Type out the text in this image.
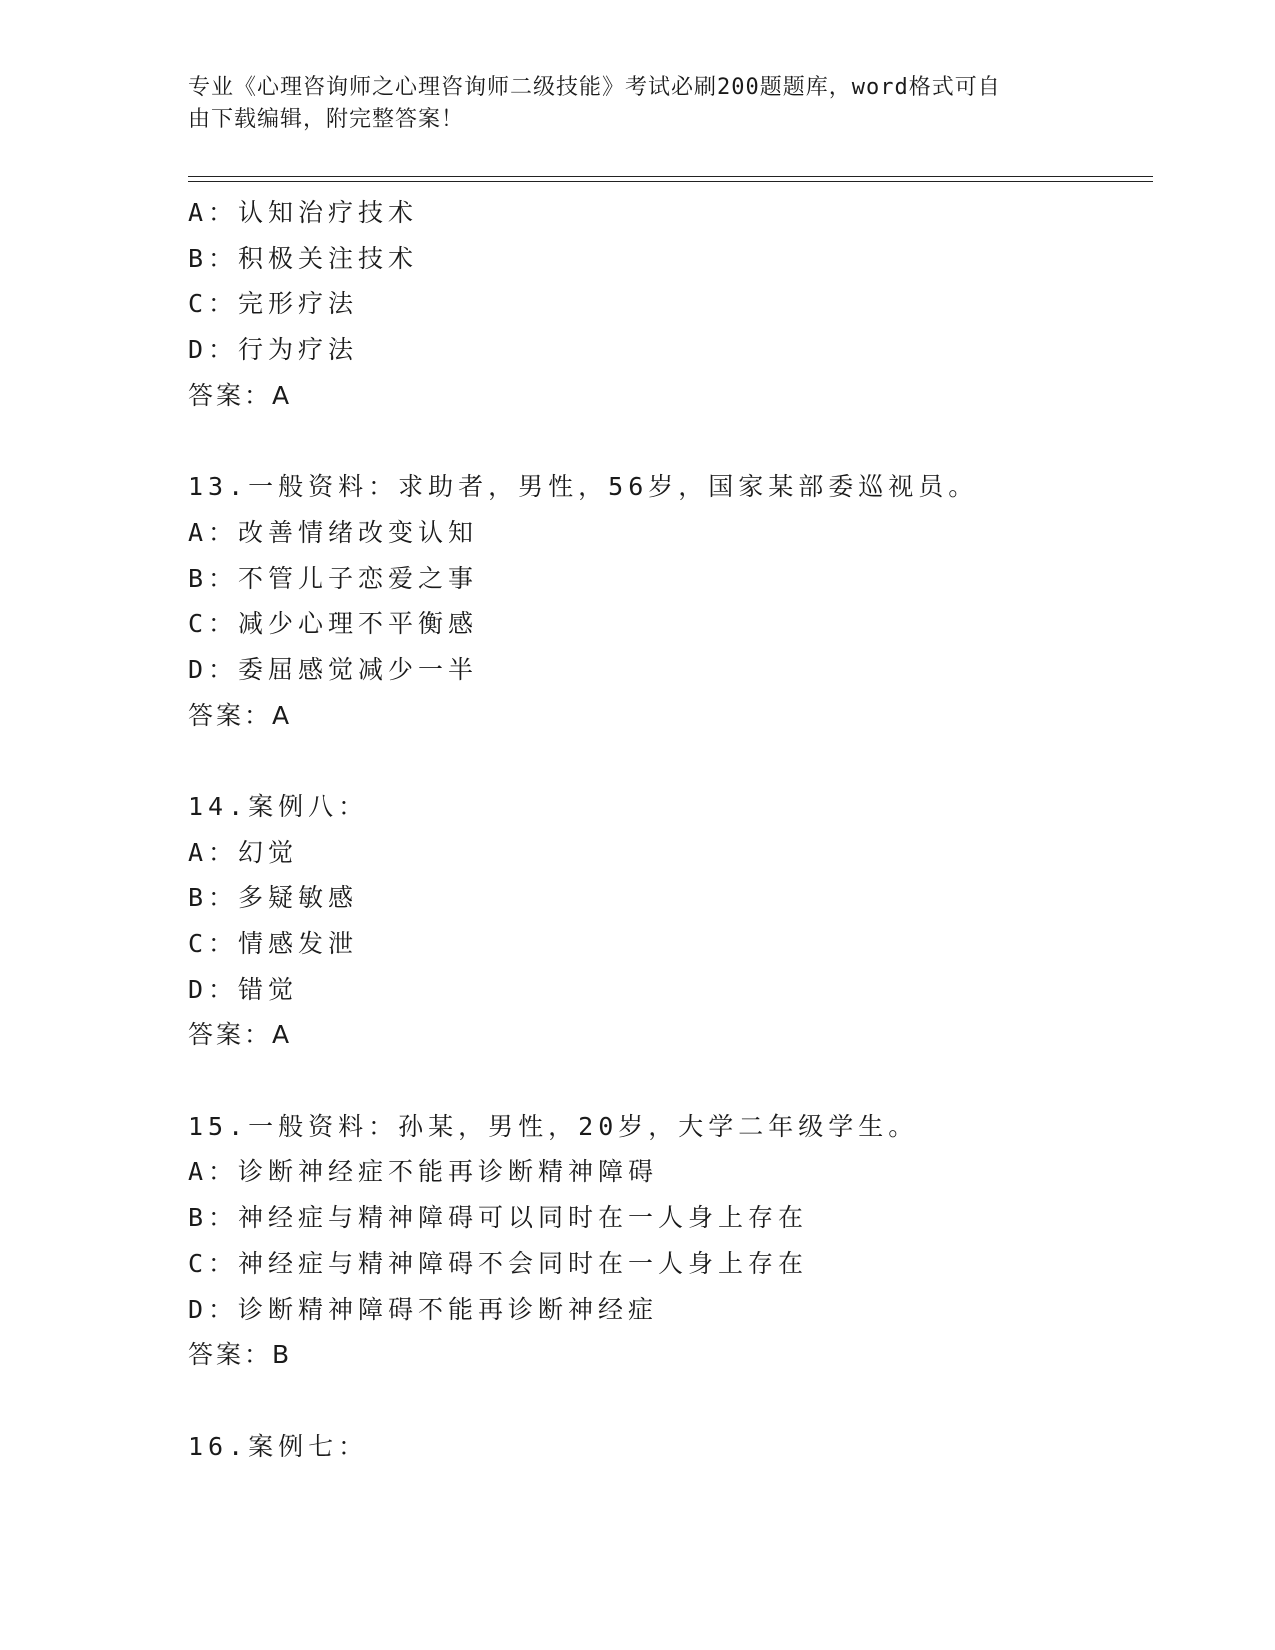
专业《心理咨询师之心理咨询师二级技能》考试必刷200题题库，word格式可自
由下载编辑，附完整答案！
A：认知治疗技术
B：积极关注技术
C：完形疗法
D：行为疗法
答案：A
13.一般资料：求助者，男性，56岁，国家某部委巡视员。
A：改善情绪改变认知
B：不管儿子恋爱之事
C：减少心理不平衡感
D：委屈感觉减少一半
答案：A
14.案例八：
A：幻觉
B：多疑敏感
C：情感发泄
D：错觉
答案：A
15.一般资料：孙某，男性，20岁，大学二年级学生。
A：诊断神经症不能再诊断精神障碍
B：神经症与精神障碍可以同时在一人身上存在
C：神经症与精神障碍不会同时在一人身上存在
D：诊断精神障碍不能再诊断神经症
答案：B
16.案例七：
